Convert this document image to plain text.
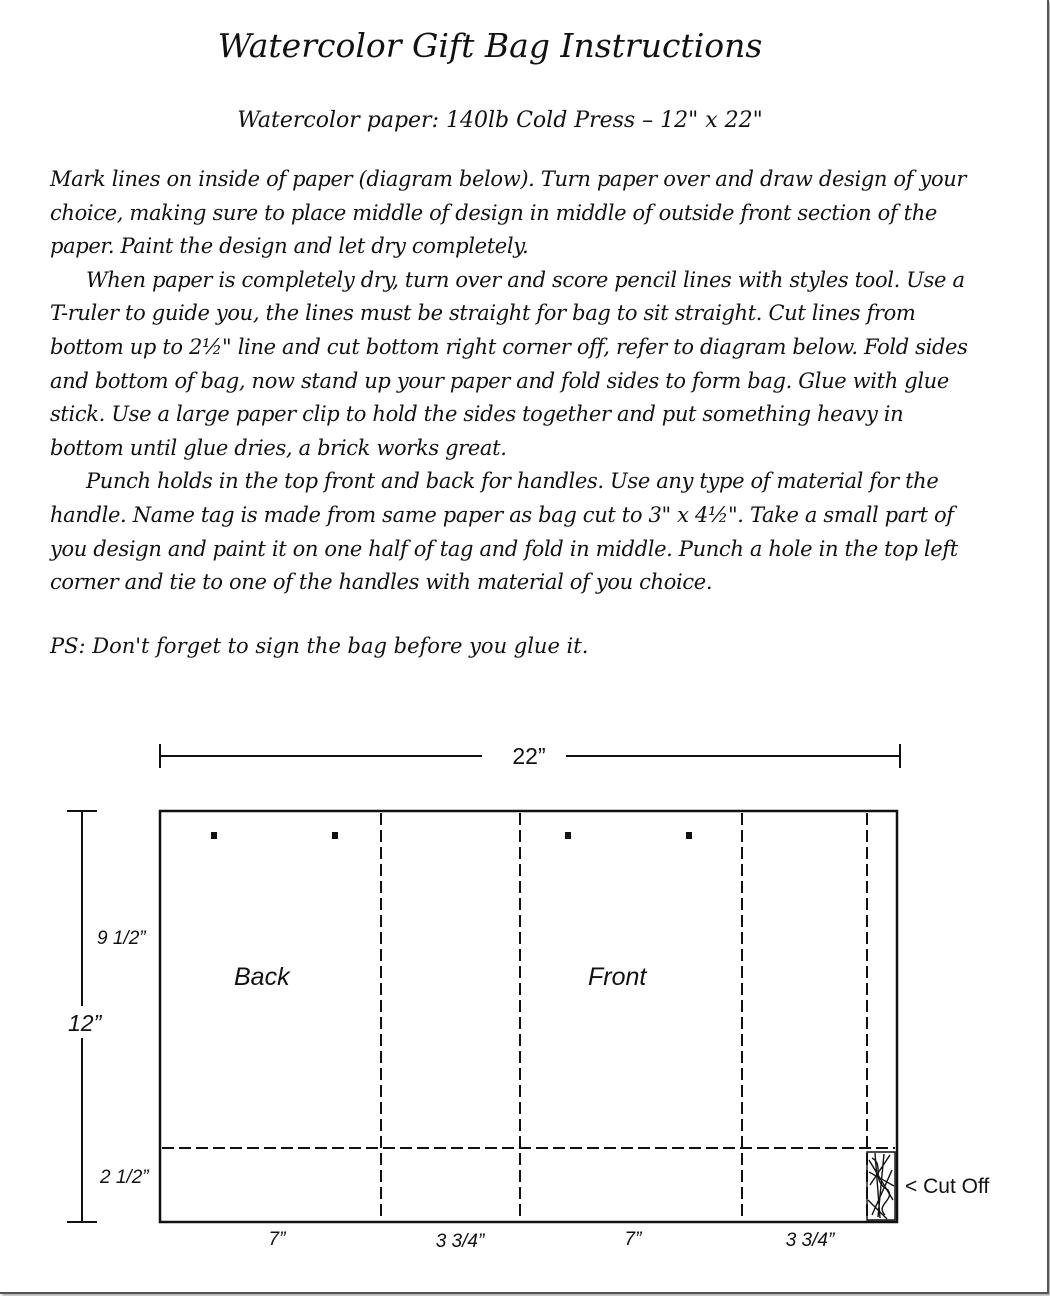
Watercolor Gift Bag Instructions
Watercolor paper: 140lb Cold Press – 12" x 22"

Mark lines on inside of paper (diagram below). Turn paper over and draw design of your choice, making sure to place middle of design in middle of outside front section of the paper. Paint the design and let dry completely.

When paper is completely dry, turn over and score pencil lines with styles tool. Use a T-ruler to guide you, the lines must be straight for bag to sit straight. Cut lines from bottom up to 2½" line and cut bottom right corner off, refer to diagram below. Fold sides and bottom of bag, now stand up your paper and fold sides to form bag. Glue with glue stick. Use a large paper clip to hold the sides together and put something heavy in bottom until glue dries, a brick works great.

Punch holds in the top front and back for handles. Use any type of material for the handle. Name tag is made from same paper as bag cut to 3" x 4½". Take a small part of you design and paint it on one half of tag and fold in middle. Punch a hole in the top left corner and tie to one of the handles with material of you choice.

PS: Don't forget to sign the bag before you glue it.
22”
12”
9 1/2”
2 1/2”
Back	Front
< Cut Off
7”	3 3/4”	7”	3 3/4”
